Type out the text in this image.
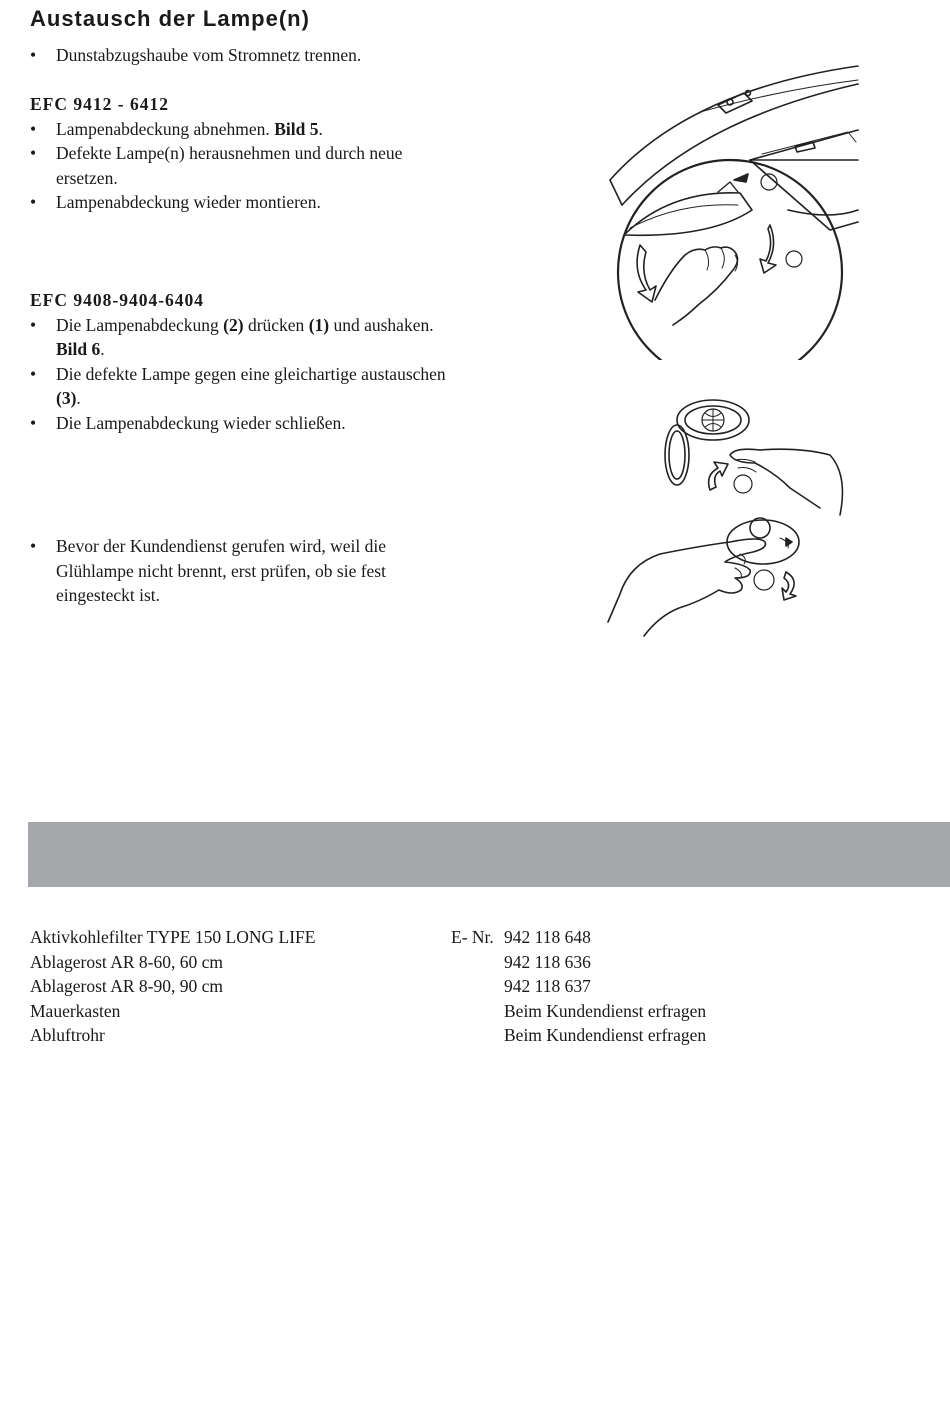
Austausch der Lampe(n)
• Dunstabzugshaube vom Stromnetz trennen.
EFC 9412 - 6412
• Lampenabdeckung abnehmen. Bild 5.
• Defekte Lampe(n) herausnehmen und durch neue ersetzen.
• Lampenabdeckung wieder montieren.
EFC 9408-9404-6404
• Die Lampenabdeckung (2) drücken (1) und aushaken. Bild 6.
• Die defekte Lampe gegen eine gleichartige austauschen (3).
• Die Lampenabdeckung wieder schließen.
• Bevor der Kundendienst gerufen wird, weil die Glühlampe nicht brennt, erst prüfen, ob sie fest eingesteckt ist.
Aktivkohlefilter TYPE 150 LONG LIFE	E- Nr. 942 118 648
Ablagerost AR 8-60, 60 cm	942 118 636
Ablagerost AR 8-90, 90 cm	942 118 637
Mauerkasten	Beim Kundendienst erfragen
Abluftrohr	Beim Kundendienst erfragen
